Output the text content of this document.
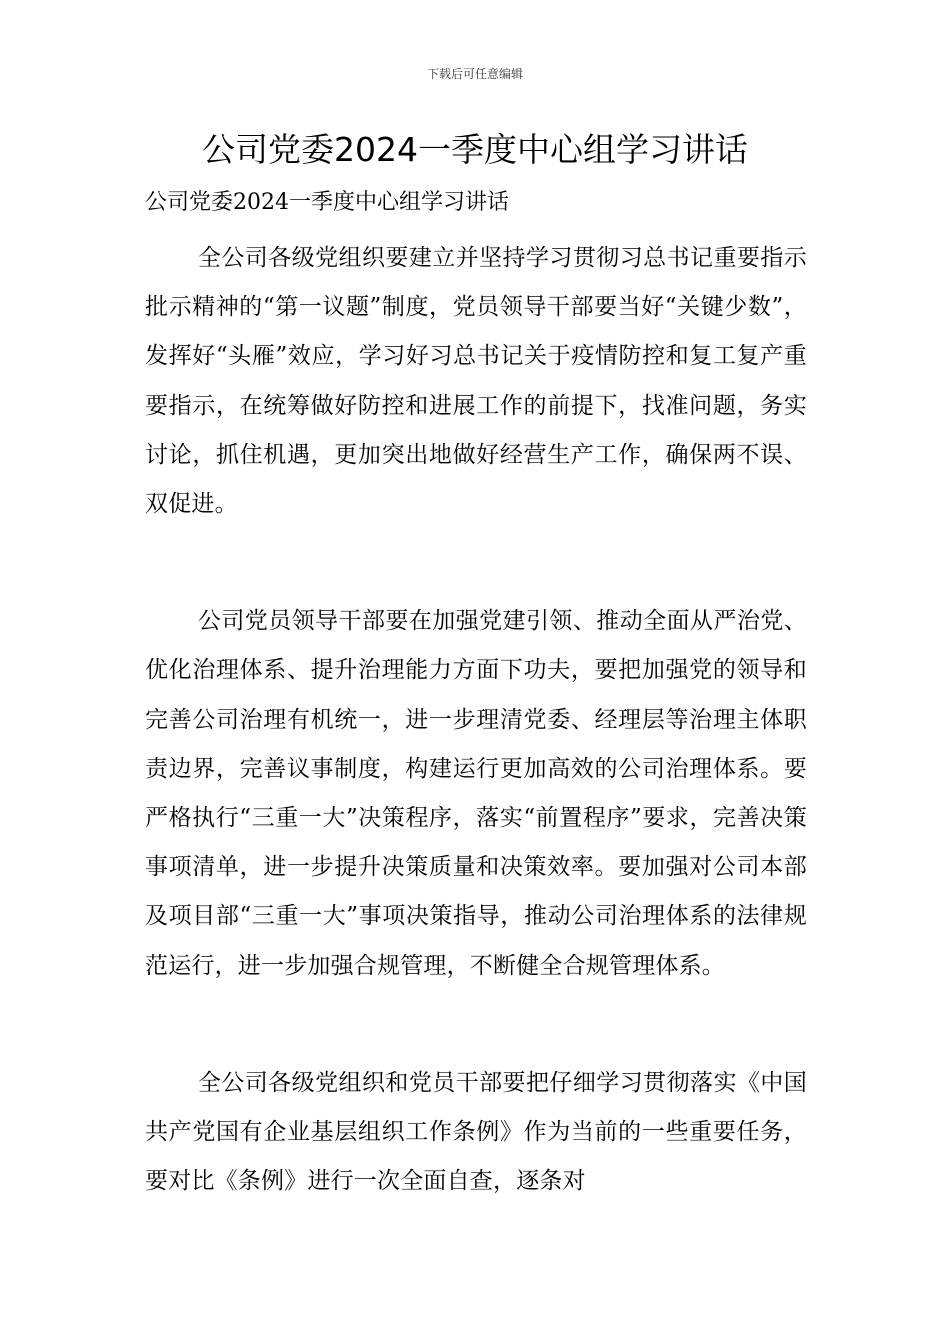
下载后可任意编辑
公司党委2024一季度中心组学习讲话

公司党委2024一季度中心组学习讲话

全公司各级党组织要建立并坚持学习贯彻习总书记重要指示批示精神的“第一议题”制度，党员领导干部要当好“关键少数”，发挥好“头雁”效应，学习好习总书记关于疫情防控和复工复产重要指示，在统筹做好防控和进展工作的前提下，找准问题，务实讨论，抓住机遇，更加突出地做好经营生产工作，确保两不误、双促进。

公司党员领导干部要在加强党建引领、推动全面从严治党、优化治理体系、提升治理能力方面下功夫，要把加强党的领导和完善公司治理有机统一，进一步理清党委、经理层等治理主体职责边界，完善议事制度，构建运行更加高效的公司治理体系。要严格执行“三重一大”决策程序，落实“前置程序”要求，完善决策事项清单，进一步提升决策质量和决策效率。要加强对公司本部及项目部“三重一大”事项决策指导，推动公司治理体系的法律规范运行，进一步加强合规管理，不断健全合规管理体系。

全公司各级党组织和党员干部要把仔细学习贯彻落实《中国共产党国有企业基层组织工作条例》作为当前的一些重要任务，要对比《条例》进行一次全面自查，逐条对
